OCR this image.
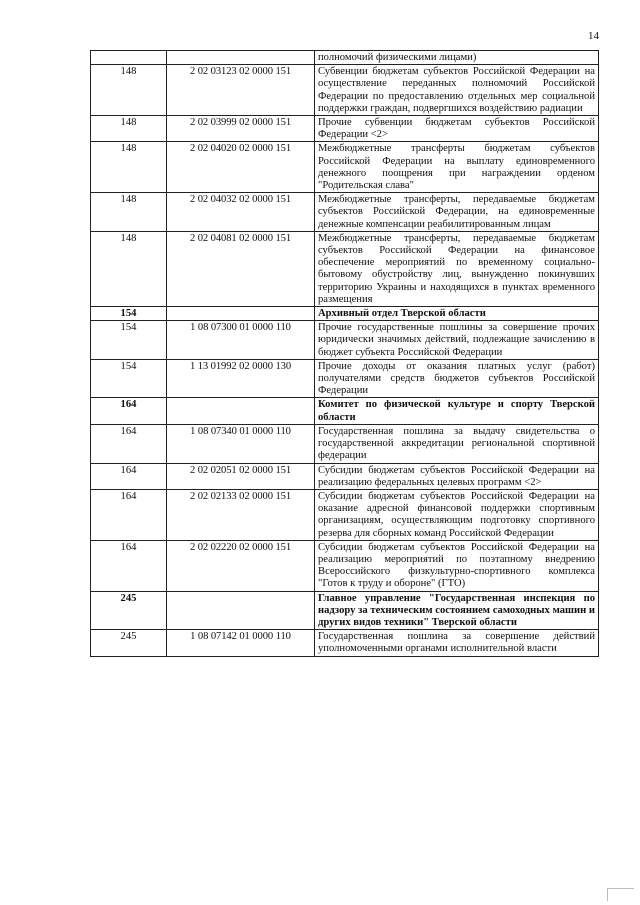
14
		полномочий физическими лицами)
148	2 02 03123 02 0000 151	Субвенции бюджетам субъектов Российской Федерации на осуществление переданных полномочий Российской Федерации по предоставлению отдельных мер социальной поддержки граждан, подвергшихся воздействию радиации
148	2 02 03999 02 0000 151	Прочие субвенции бюджетам субъектов Российской Федерации <2>
148	2 02 04020 02 0000 151	Межбюджетные трансферты бюджетам субъектов Российской Федерации на выплату единовременного денежного поощрения при награждении орденом "Родительская слава"
148	2 02 04032 02 0000 151	Межбюджетные трансферты, передаваемые бюджетам субъектов Российской Федерации, на единовременные денежные компенсации реабилитированным лицам
148	2 02 04081 02 0000 151	Межбюджетные трансферты, передаваемые бюджетам субъектов Российской Федерации на финансовое обеспечение мероприятий по временному социально-бытовому обустройству лиц, вынужденно покинувших территорию Украины и находящихся в пунктах временного размещения
154		Архивный отдел Тверской области
154	1 08 07300 01 0000 110	Прочие государственные пошлины за совершение прочих юридически значимых действий, подлежащие зачислению в бюджет субъекта Российской Федерации
154	1 13 01992 02 0000 130	Прочие доходы от оказания платных услуг (работ) получателями средств бюджетов субъектов Российской Федерации
164		Комитет по физической культуре и спорту Тверской области
164	1 08 07340 01 0000 110	Государственная пошлина за выдачу свидетельства о государственной аккредитации региональной спортивной федерации
164	2 02 02051 02 0000 151	Субсидии бюджетам субъектов Российской Федерации на реализацию федеральных целевых программ <2>
164	2 02 02133 02 0000 151	Субсидии бюджетам субъектов Российской Федерации на оказание адресной финансовой поддержки спортивным организациям, осуществляющим подготовку спортивного резерва для сборных команд Российской Федерации
164	2 02 02220 02 0000 151	Субсидии бюджетам субъектов Российской Федерации на реализацию мероприятий по поэтапному внедрению Всероссийского физкультурно-спортивного комплекса "Готов к труду и обороне" (ГТО)
245		Главное управление "Государственная инспекция по надзору за техническим состоянием самоходных машин и других видов техники" Тверской области
245	1 08 07142 01 0000 110	Государственная пошлина за совершение действий уполномоченными органами исполнительной власти
